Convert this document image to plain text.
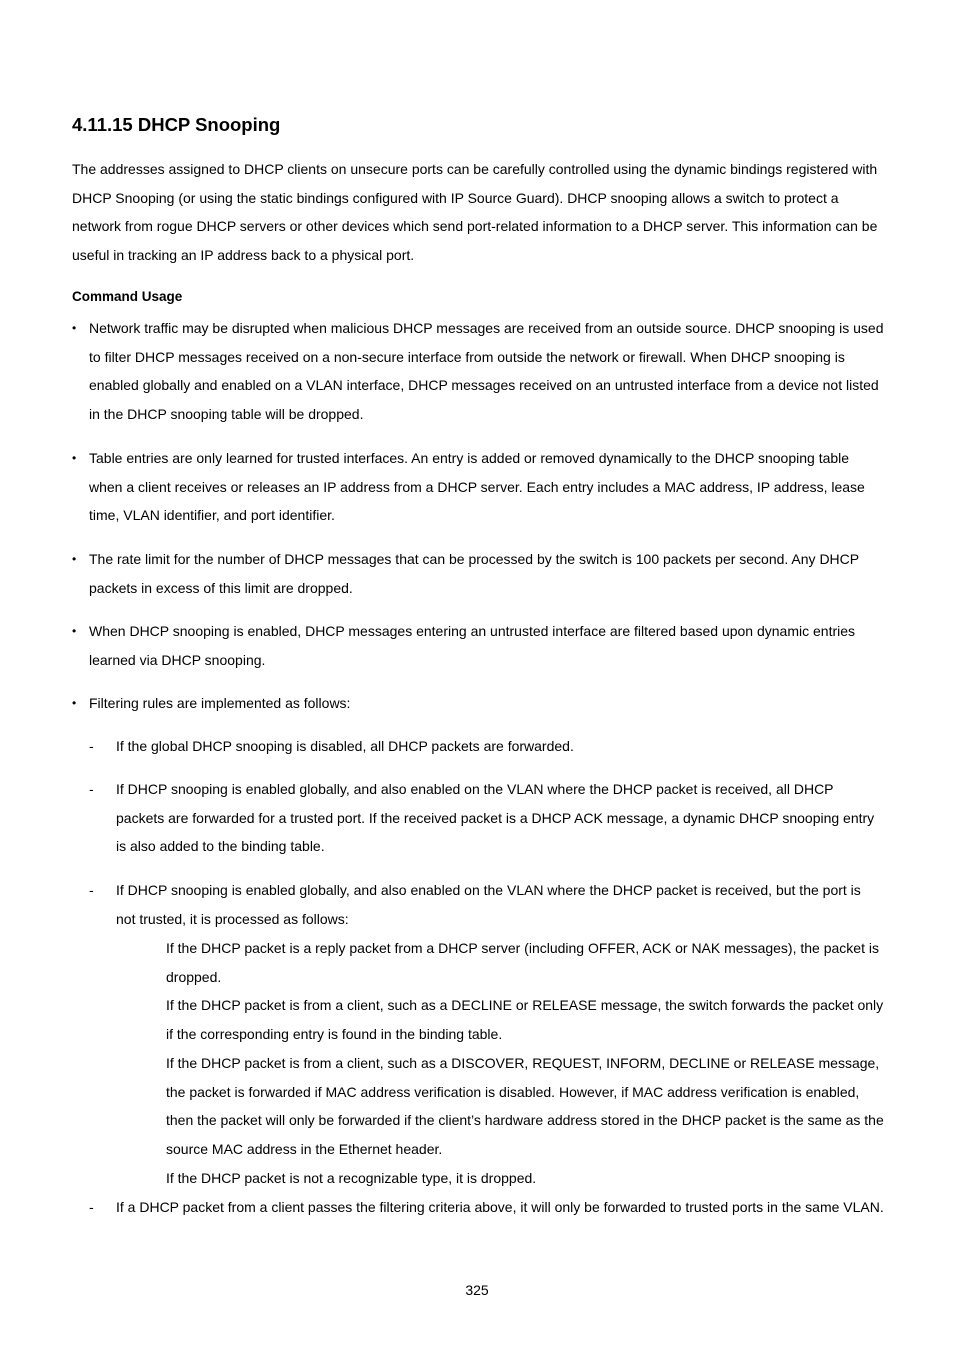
4.11.15 DHCP Snooping

The addresses assigned to DHCP clients on unsecure ports can be carefully controlled using the dynamic bindings registered with DHCP Snooping (or using the static bindings configured with IP Source Guard). DHCP snooping allows a switch to protect a network from rogue DHCP servers or other devices which send port-related information to a DHCP server. This information can be useful in tracking an IP address back to a physical port.

Command Usage

• Network traffic may be disrupted when malicious DHCP messages are received from an outside source. DHCP snooping is used to filter DHCP messages received on a non-secure interface from outside the network or firewall. When DHCP snooping is enabled globally and enabled on a VLAN interface, DHCP messages received on an untrusted interface from a device not listed in the DHCP snooping table will be dropped.
• Table entries are only learned for trusted interfaces. An entry is added or removed dynamically to the DHCP snooping table when a client receives or releases an IP address from a DHCP server. Each entry includes a MAC address, IP address, lease time, VLAN identifier, and port identifier.
• The rate limit for the number of DHCP messages that can be processed by the switch is 100 packets per second. Any DHCP packets in excess of this limit are dropped.
• When DHCP snooping is enabled, DHCP messages entering an untrusted interface are filtered based upon dynamic entries learned via DHCP snooping.
• Filtering rules are implemented as follows:
- If the global DHCP snooping is disabled, all DHCP packets are forwarded.
- If DHCP snooping is enabled globally, and also enabled on the VLAN where the DHCP packet is received, all DHCP packets are forwarded for a trusted port. If the received packet is a DHCP ACK message, a dynamic DHCP snooping entry is also added to the binding table.
- If DHCP snooping is enabled globally, and also enabled on the VLAN where the DHCP packet is received, but the port is not trusted, it is processed as follows:
If the DHCP packet is a reply packet from a DHCP server (including OFFER, ACK or NAK messages), the packet is dropped.
If the DHCP packet is from a client, such as a DECLINE or RELEASE message, the switch forwards the packet only if the corresponding entry is found in the binding table.
If the DHCP packet is from a client, such as a DISCOVER, REQUEST, INFORM, DECLINE or RELEASE message, the packet is forwarded if MAC address verification is disabled. However, if MAC address verification is enabled, then the packet will only be forwarded if the client’s hardware address stored in the DHCP packet is the same as the source MAC address in the Ethernet header.
If the DHCP packet is not a recognizable type, it is dropped.
- If a DHCP packet from a client passes the filtering criteria above, it will only be forwarded to trusted ports in the same VLAN.
325
